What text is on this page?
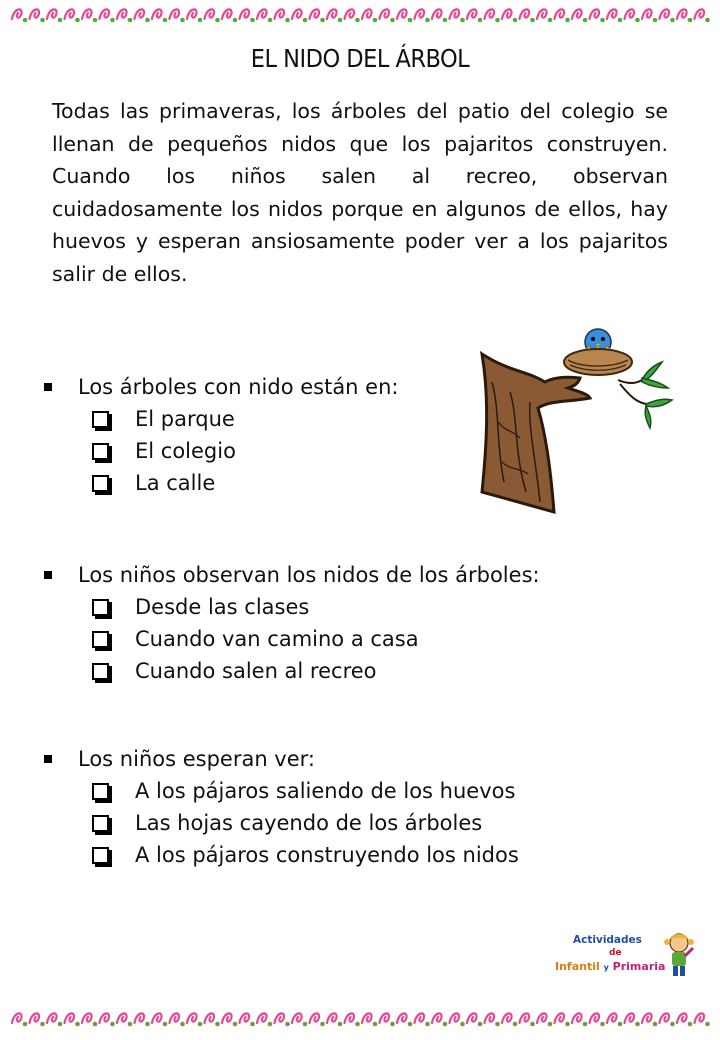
EL NIDO DEL ÁRBOL

Todas las primaveras, los árboles del patio del colegio se llenan de pequeños nidos que los pajaritos construyen. Cuando los niños salen al recreo, observan cuidadosamente los nidos porque en algunos de ellos, hay huevos y esperan ansiosamente poder ver a los pajaritos salir de ellos.

Los árboles con nido están en:
El parque
El colegio
La calle
Los niños observan los nidos de los árboles:
Desde las clases
Cuando van camino a casa
Cuando salen al recreo
Los niños esperan ver:
A los pájaros saliendo de los huevos
Las hojas cayendo de los árboles
A los pájaros construyendo los nidos
Actividades
de
Infantil y Primaria
